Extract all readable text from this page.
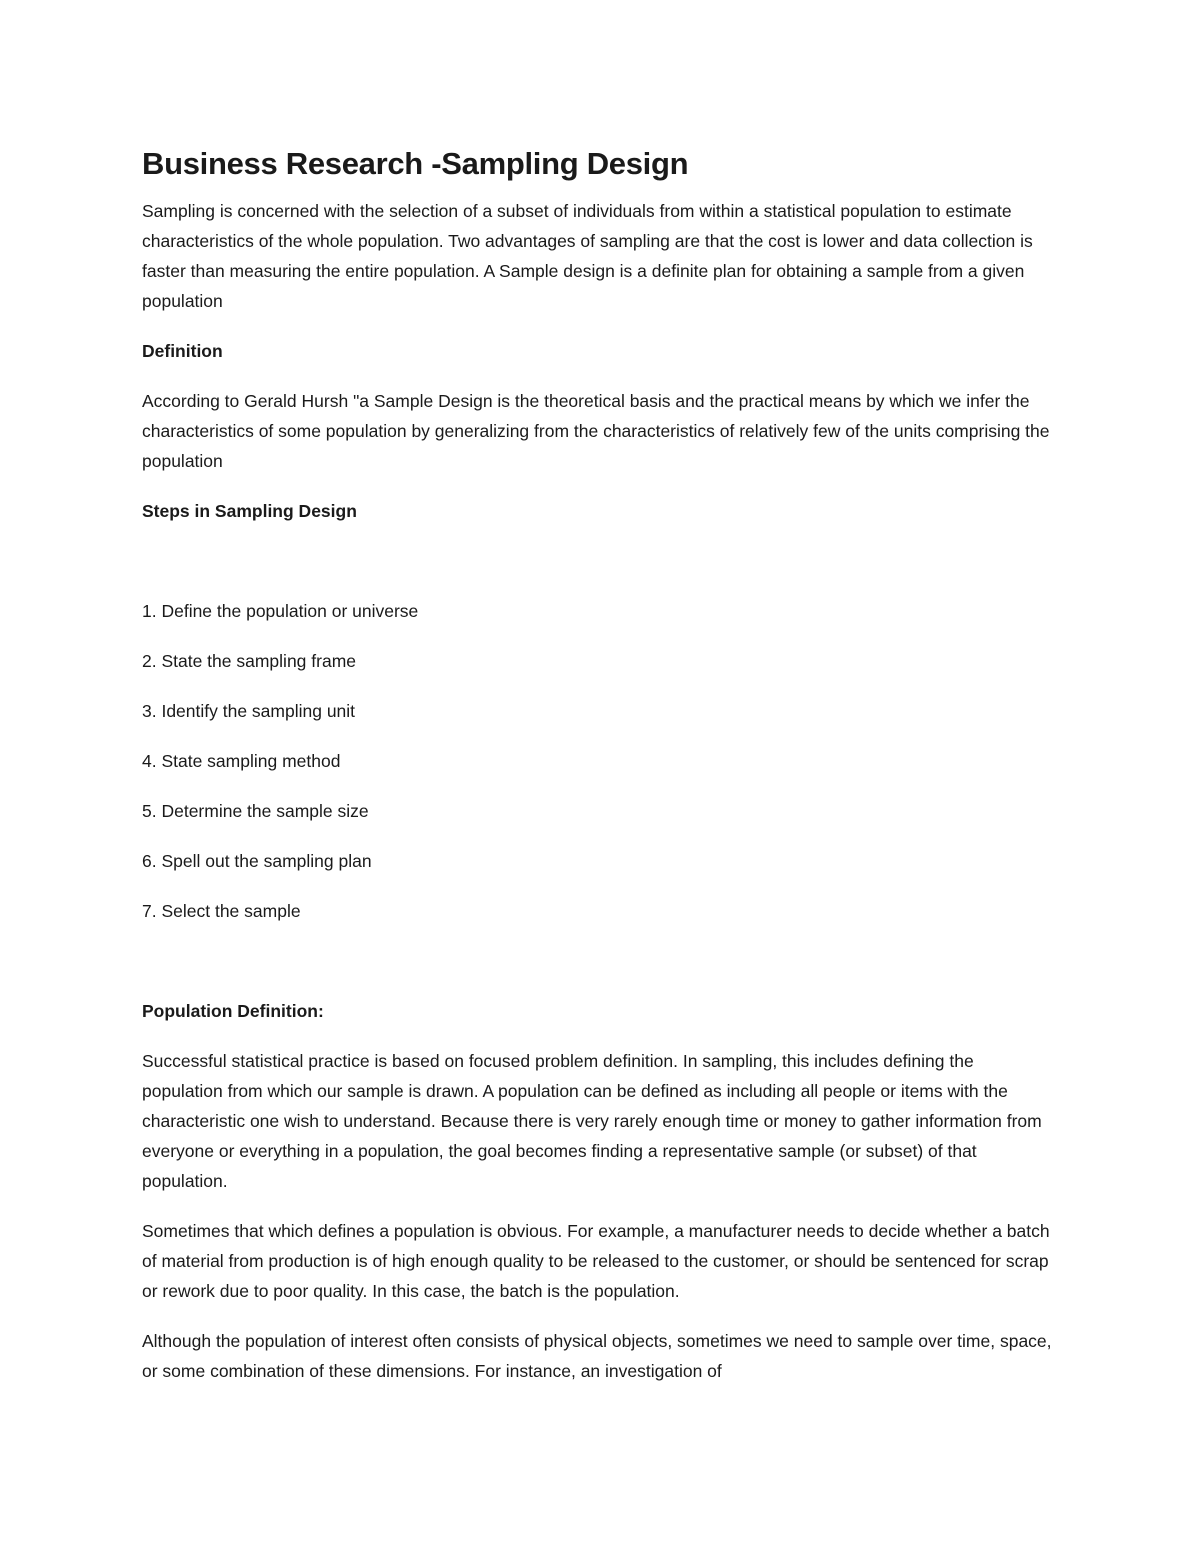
Business Research -Sampling Design

Sampling is concerned with the selection of a subset of individuals from within a statistical population to estimate characteristics of the whole population. Two advantages of sampling are that the cost is lower and data collection is faster than measuring the entire population. A Sample design is a definite plan for obtaining a sample from a given population

Definition

According to Gerald Hursh "a Sample Design is the theoretical basis and the practical means by which we infer the characteristics of some population by generalizing from the characteristics of relatively few of the units comprising the population

Steps in Sampling Design

1. Define the population or universe
2. State the sampling frame
3. Identify the sampling unit
4. State sampling method
5. Determine the sample size
6. Spell out the sampling plan
7. Select the sample

Population Definition:

Successful statistical practice is based on focused problem definition. In sampling, this includes defining the population from which our sample is drawn. A population can be defined as including all people or items with the characteristic one wish to understand. Because there is very rarely enough time or money to gather information from everyone or everything in a population, the goal becomes finding a representative sample (or subset) of that population.

Sometimes that which defines a population is obvious. For example, a manufacturer needs to decide whether a batch of material from production is of high enough quality to be released to the customer, or should be sentenced for scrap or rework due to poor quality. In this case, the batch is the population.

Although the population of interest often consists of physical objects, sometimes we need to sample over time, space, or some combination of these dimensions. For instance, an investigation of
